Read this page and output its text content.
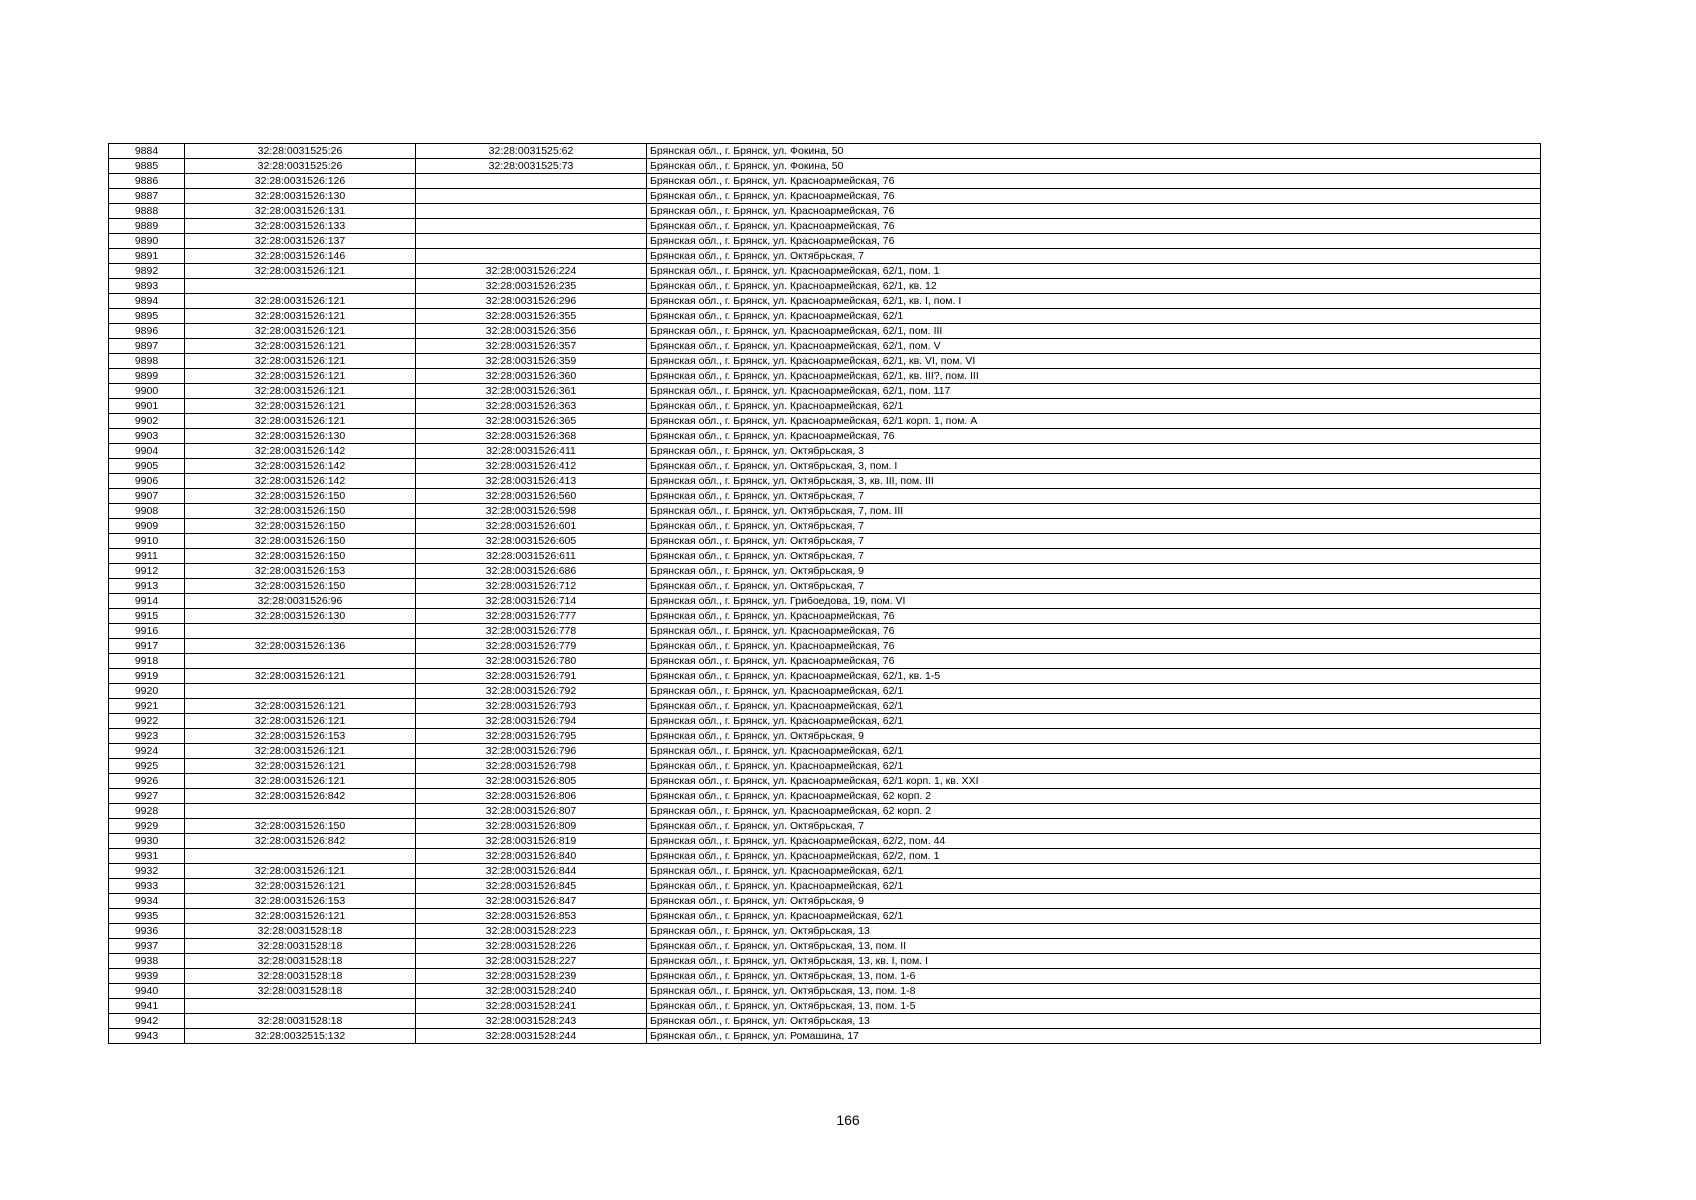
9884	32:28:0031525:26	32:28:0031525:62	Брянская обл., г. Брянск, ул. Фокина, 50
9885	32:28:0031525:26	32:28:0031525:73	Брянская обл., г. Брянск, ул. Фокина, 50
9886	32:28:0031526:126		Брянская обл., г. Брянск, ул. Красноармейская, 76
9887	32:28:0031526:130		Брянская обл., г. Брянск, ул. Красноармейская, 76
9888	32:28:0031526:131		Брянская обл., г. Брянск, ул. Красноармейская, 76
9889	32:28:0031526:133		Брянская обл., г. Брянск, ул. Красноармейская, 76
9890	32:28:0031526:137		Брянская обл., г. Брянск, ул. Красноармейская, 76
9891	32:28:0031526:146		Брянская обл., г. Брянск, ул. Октябрьская, 7
9892	32:28:0031526:121	32:28:0031526:224	Брянская обл., г. Брянск, ул. Красноармейская, 62/1, пом. 1
9893		32:28:0031526:235	Брянская обл., г. Брянск, ул. Красноармейская, 62/1, кв. 12
9894	32:28:0031526:121	32:28:0031526:296	Брянская обл., г. Брянск, ул. Красноармейская, 62/1, кв. I, пом. I
9895	32:28:0031526:121	32:28:0031526:355	Брянская обл., г. Брянск, ул. Красноармейская, 62/1
9896	32:28:0031526:121	32:28:0031526:356	Брянская обл., г. Брянск, ул. Красноармейская, 62/1, пом. III
9897	32:28:0031526:121	32:28:0031526:357	Брянская обл., г. Брянск, ул. Красноармейская, 62/1, пом. V
9898	32:28:0031526:121	32:28:0031526:359	Брянская обл., г. Брянск, ул. Красноармейская, 62/1, кв. VI, пом. VI
9899	32:28:0031526:121	32:28:0031526:360	Брянская обл., г. Брянск, ул. Красноармейская, 62/1, кв. III?, пом. III
9900	32:28:0031526:121	32:28:0031526:361	Брянская обл., г. Брянск, ул. Красноармейская, 62/1, пом. 117
9901	32:28:0031526:121	32:28:0031526:363	Брянская обл., г. Брянск, ул. Красноармейская, 62/1
9902	32:28:0031526:121	32:28:0031526:365	Брянская обл., г. Брянск, ул. Красноармейская, 62/1 корп. 1, пом. А
9903	32:28:0031526:130	32:28:0031526:368	Брянская обл., г. Брянск, ул. Красноармейская, 76
9904	32:28:0031526:142	32:28:0031526:411	Брянская обл., г. Брянск, ул. Октябрьская, 3
9905	32:28:0031526:142	32:28:0031526:412	Брянская обл., г. Брянск, ул. Октябрьская, 3, пом. I
9906	32:28:0031526:142	32:28:0031526:413	Брянская обл., г. Брянск, ул. Октябрьская, 3, кв. III, пом. III
9907	32:28:0031526:150	32:28:0031526:560	Брянская обл., г. Брянск, ул. Октябрьская, 7
9908	32:28:0031526:150	32:28:0031526:598	Брянская обл., г. Брянск, ул. Октябрьская, 7, пом. III
9909	32:28:0031526:150	32:28:0031526:601	Брянская обл., г. Брянск, ул. Октябрьская, 7
9910	32:28:0031526:150	32:28:0031526:605	Брянская обл., г. Брянск, ул. Октябрьская, 7
9911	32:28:0031526:150	32:28:0031526:611	Брянская обл., г. Брянск, ул. Октябрьская, 7
9912	32:28:0031526:153	32:28:0031526:686	Брянская обл., г. Брянск, ул. Октябрьская, 9
9913	32:28:0031526:150	32:28:0031526:712	Брянская обл., г. Брянск, ул. Октябрьская, 7
9914	32:28:0031526:96	32:28:0031526:714	Брянская обл., г. Брянск, ул. Грибоедова, 19, пом. VI
9915	32:28:0031526:130	32:28:0031526:777	Брянская обл., г. Брянск, ул. Красноармейская, 76
9916		32:28:0031526:778	Брянская обл., г. Брянск, ул. Красноармейская, 76
9917	32:28:0031526:136	32:28:0031526:779	Брянская обл., г. Брянск, ул. Красноармейская, 76
9918		32:28:0031526:780	Брянская обл., г. Брянск, ул. Красноармейская, 76
9919	32:28:0031526:121	32:28:0031526:791	Брянская обл., г. Брянск, ул. Красноармейская, 62/1, кв. 1-5
9920		32:28:0031526:792	Брянская обл., г. Брянск, ул. Красноармейская, 62/1
9921	32:28:0031526:121	32:28:0031526:793	Брянская обл., г. Брянск, ул. Красноармейская, 62/1
9922	32:28:0031526:121	32:28:0031526:794	Брянская обл., г. Брянск, ул. Красноармейская, 62/1
9923	32:28:0031526:153	32:28:0031526:795	Брянская обл., г. Брянск, ул. Октябрьская, 9
9924	32:28:0031526:121	32:28:0031526:796	Брянская обл., г. Брянск, ул. Красноармейская, 62/1
9925	32:28:0031526:121	32:28:0031526:798	Брянская обл., г. Брянск, ул. Красноармейская, 62/1
9926	32:28:0031526:121	32:28:0031526:805	Брянская обл., г. Брянск, ул. Красноармейская, 62/1 корп. 1, кв. XXI
9927	32:28:0031526:842	32:28:0031526:806	Брянская обл., г. Брянск, ул. Красноармейская, 62 корп. 2
9928		32:28:0031526:807	Брянская обл., г. Брянск, ул. Красноармейская, 62 корп. 2
9929	32:28:0031526:150	32:28:0031526:809	Брянская обл., г. Брянск, ул. Октябрьская, 7
9930	32:28:0031526:842	32:28:0031526:819	Брянская обл., г. Брянск, ул. Красноармейская, 62/2, пом. 44
9931		32:28:0031526:840	Брянская обл., г. Брянск, ул. Красноармейская, 62/2, пом. 1
9932	32:28:0031526:121	32:28:0031526:844	Брянская обл., г. Брянск, ул. Красноармейская, 62/1
9933	32:28:0031526:121	32:28:0031526:845	Брянская обл., г. Брянск, ул. Красноармейская, 62/1
9934	32:28:0031526:153	32:28:0031526:847	Брянская обл., г. Брянск, ул. Октябрьская, 9
9935	32:28:0031526:121	32:28:0031526:853	Брянская обл., г. Брянск, ул. Красноармейская, 62/1
9936	32:28:0031528:18	32:28:0031528:223	Брянская обл., г. Брянск, ул. Октябрьская, 13
9937	32:28:0031528:18	32:28:0031528:226	Брянская обл., г. Брянск, ул. Октябрьская, 13, пом. II
9938	32:28:0031528:18	32:28:0031528:227	Брянская обл., г. Брянск, ул. Октябрьская, 13, кв. I, пом. I
9939	32:28:0031528:18	32:28:0031528:239	Брянская обл., г. Брянск, ул. Октябрьская, 13, пом. 1-6
9940	32:28:0031528:18	32:28:0031528:240	Брянская обл., г. Брянск, ул. Октябрьская, 13, пом. 1-8
9941		32:28:0031528:241	Брянская обл., г. Брянск, ул. Октябрьская, 13, пом. 1-5
9942	32:28:0031528:18	32:28:0031528:243	Брянская обл., г. Брянск, ул. Октябрьская, 13
9943	32:28:0032515:132	32:28:0031528:244	Брянская обл., г. Брянск, ул. Ромашина, 17
166
